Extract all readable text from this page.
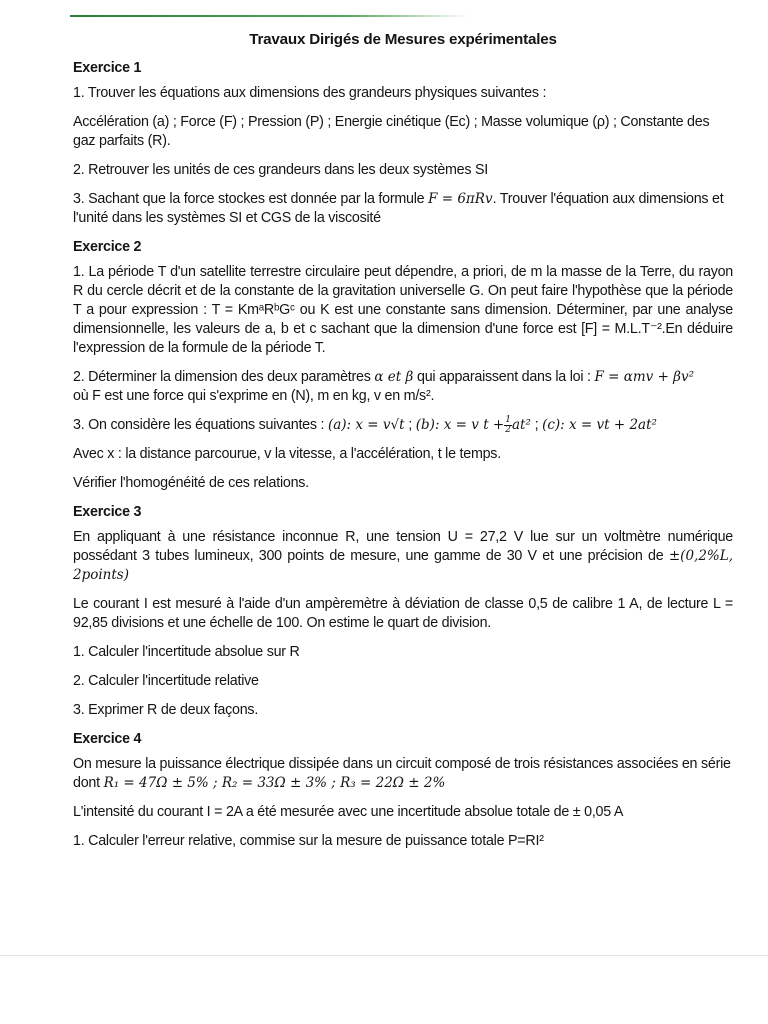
Travaux Dirigés de Mesures expérimentales
Exercice 1

1. Trouver les équations aux dimensions des grandeurs physiques suivantes :

Accélération (a) ; Force (F) ; Pression (P) ; Energie cinétique (Eᴄ) ; Masse volumique (ρ) ; Constante des gaz parfaits (R).

2. Retrouver les unités de ces grandeurs dans les deux systèmes SI

3. Sachant que la force stockes est donnée par la formule F = 6πRv. Trouver l'équation aux dimensions et l'unité dans les systèmes SI et CGS de la viscosité

Exercice 2

1. La période T d'un satellite terrestre circulaire peut dépendre, a priori, de m la masse de la Terre, du rayon R du cercle décrit et de la constante de la gravitation universelle G. On peut faire l'hypothèse que la période T a pour expression : T = KmᵃRᵇGᶜ ou K est une constante sans dimension. Déterminer, par une analyse dimensionnelle, les valeurs de a, b et c sachant que la dimension d'une force est [F] = M.L.T⁻².En déduire l'expression de la formule de la période T.

2. Déterminer la dimension des deux paramètres α et β qui apparaissent dans la loi : F = αmv + βv²
où F est une force qui s'exprime en (N), m en kg, v en m/s².

3. On considère les équations suivantes : (a): x = v√t ; (b): x = v $t + \frac{1}{2} at^2$ ; (c): x = vt + 2at²

Avec x : la distance parcourue, v la vitesse, a l'accélération, t le temps.

Vérifier l'homogénéité de ces relations.

Exercice 3

En appliquant à une résistance inconnue R, une tension U = 27,2 V lue sur un voltmètre numérique possédant 3 tubes lumineux, 300 points de mesure, une gamme de 30 V et une précision de ±(0,2%L, 2points)

Le courant I est mesuré à l'aide d'un ampèremètre à déviation de classe 0,5 de calibre 1 A, de lecture L = 92,85 divisions et une échelle de 100. On estime le quart de division.

1. Calculer l'incertitude absolue sur R

2. Calculer l'incertitude relative

3. Exprimer R de deux façons.

Exercice 4

On mesure la puissance électrique dissipée dans un circuit composé de trois résistances associées en série dont R₁ = 47Ω ± 5% ; R₂ = 33Ω ± 3% ; R₃ = 22Ω ± 2%

L'intensité du courant I = 2A a été mesurée avec une incertitude absolue totale de ± 0,05 A

1. Calculer l'erreur relative, commise sur la mesure de puissance totale P=RI²
